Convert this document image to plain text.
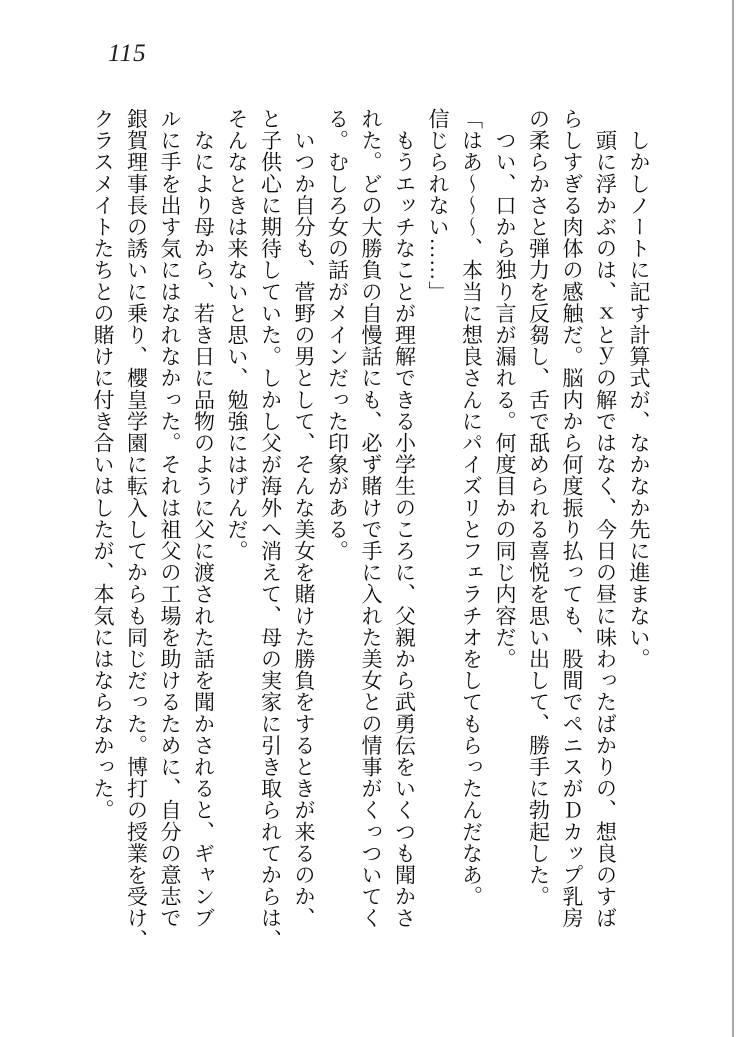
115
　しかしノートに記す計算式が、なかなか先に進まない。
　頭に浮かぶのは、ｘとｙの解ではなく、今日の昼に味わったばかりの、想良のすば
らしすぎる肉体の感触だ。脳内から何度振り払っても、股間でペニスがＤカップ乳房
の柔らかさと弾力を反芻し、舌で舐められる喜悦を思い出して、勝手に勃起した。
　つい、口から独り言が漏れる。何度目かの同じ内容だ。
「はあ～～～、本当に想良さんにパイズリとフェラチオをしてもらったんだなあ。
信じられない……」
　もうエッチなことが理解できる小学生のころに、父親から武勇伝をいくつも聞かさ
れた。どの大勝負の自慢話にも、必ず賭けで手に入れた美女との情事がくっついてく
る。むしろ女の話がメインだった印象がある。
　いつか自分も、菅野の男として、そんな美女を賭けた勝負をするときが来るのか、
と子供心に期待していた。しかし父が海外へ消えて、母の実家に引き取られてからは、
そんなときは来ないと思い、勉強にはげんだ。
　なにより母から、若き日に品物のように父に渡された話を聞かされると、ギャンブ
ルに手を出す気にはなれなかった。それは祖父の工場を助けるために、自分の意志で
銀賀理事長の誘いに乗り、櫻皇学園に転入してからも同じだった。博打の授業を受け、
クラスメイトたちとの賭けに付き合いはしたが、本気にはならなかった。
